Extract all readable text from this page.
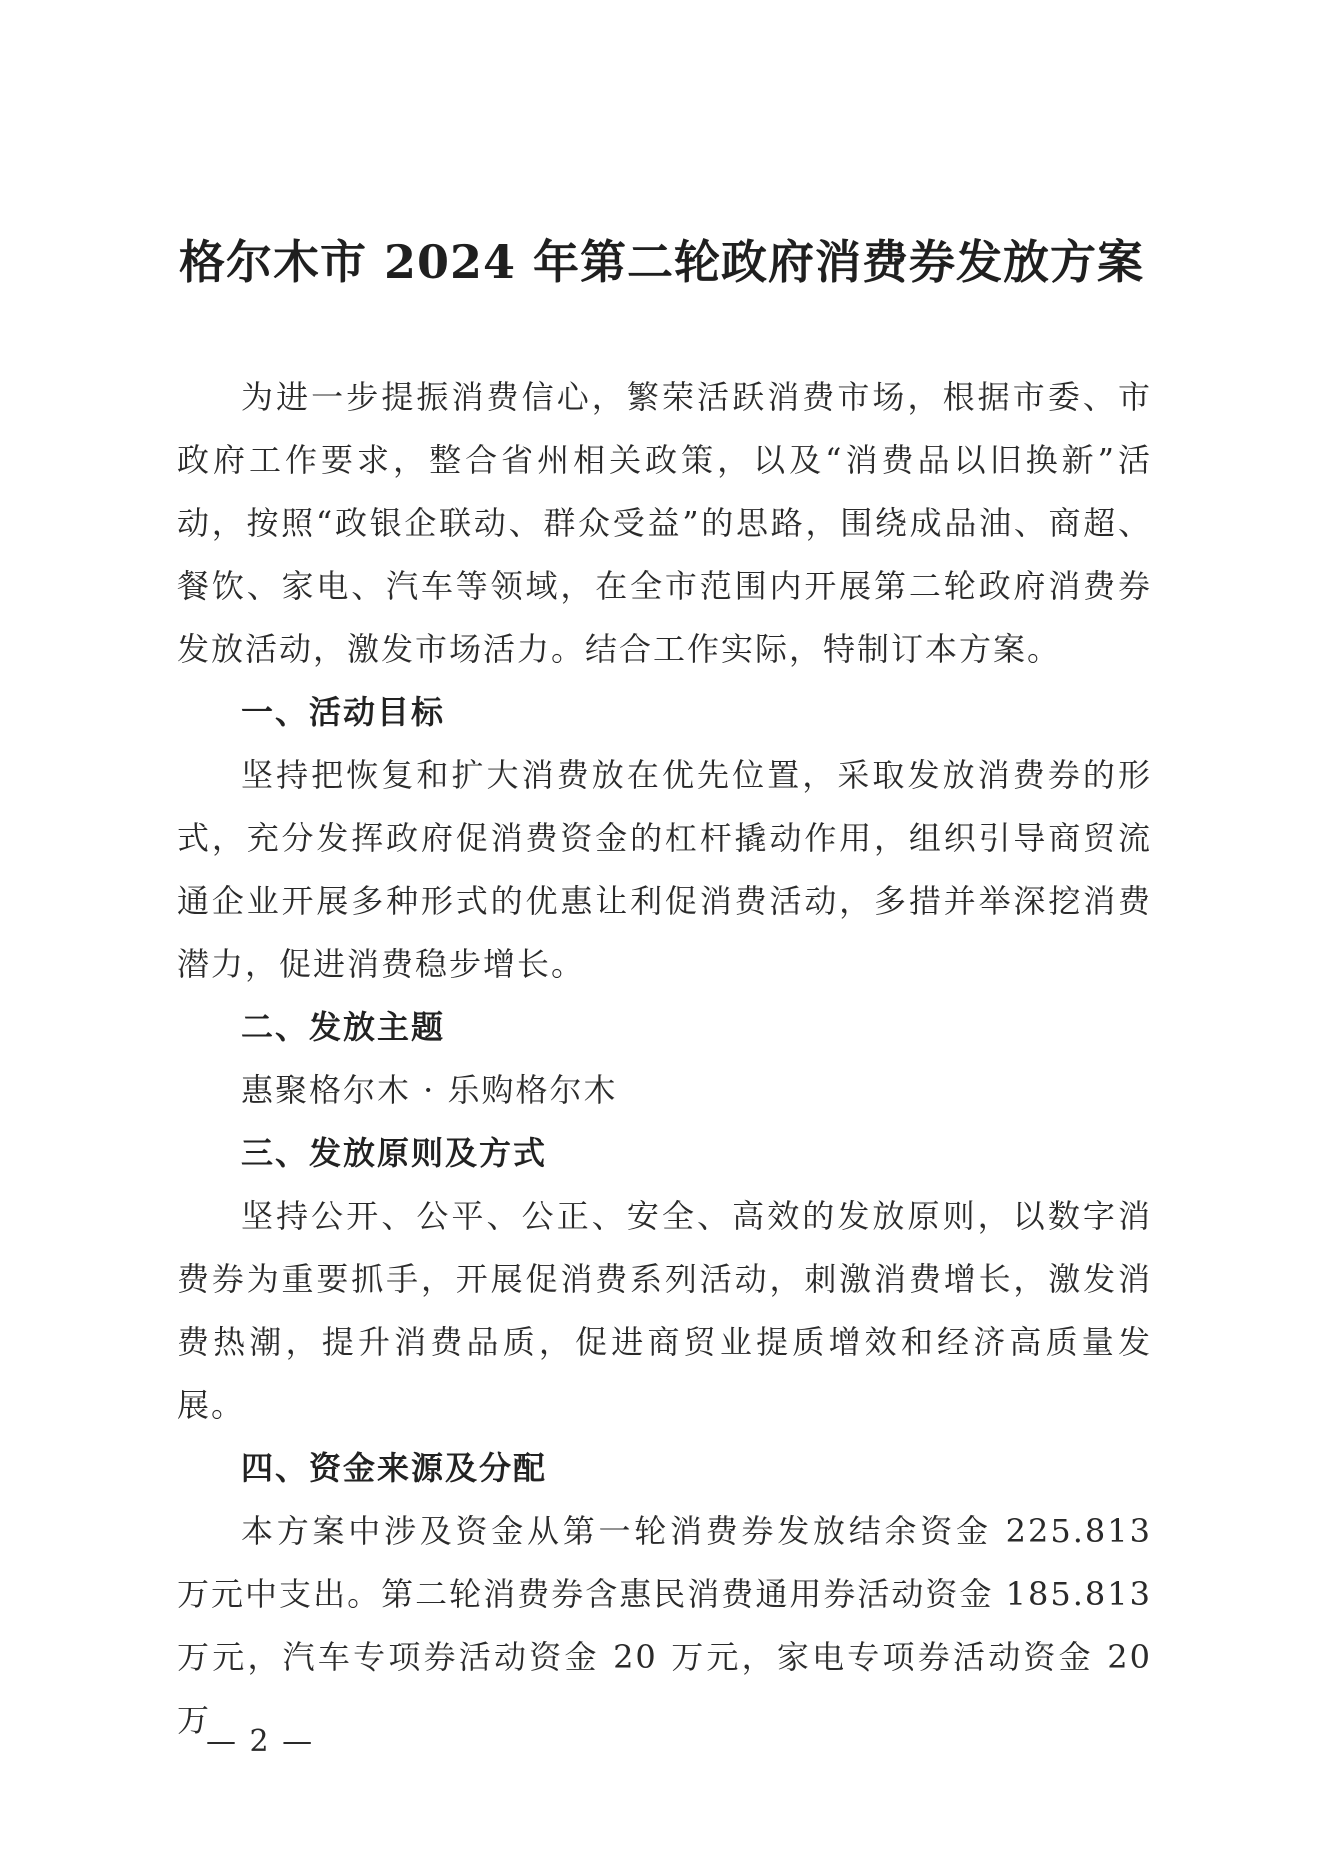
格尔木市 2024 年第二轮政府消费券发放方案

为进一步提振消费信心，繁荣活跃消费市场，根据市委、市政府工作要求，整合省州相关政策，以及“消费品以旧换新”活动，按照“政银企联动、群众受益”的思路，围绕成品油、商超、餐饮、家电、汽车等领域，在全市范围内开展第二轮政府消费券发放活动，激发市场活力。结合工作实际，特制订本方案。

一、活动目标

坚持把恢复和扩大消费放在优先位置，采取发放消费券的形式，充分发挥政府促消费资金的杠杆撬动作用，组织引导商贸流通企业开展多种形式的优惠让利促消费活动，多措并举深挖消费潜力，促进消费稳步增长。

二、发放主题

惠聚格尔木 · 乐购格尔木

三、发放原则及方式

坚持公开、公平、公正、安全、高效的发放原则，以数字消费券为重要抓手，开展促消费系列活动，刺激消费增长，激发消费热潮，提升消费品质，促进商贸业提质增效和经济高质量发展。

四、资金来源及分配

本方案中涉及资金从第一轮消费券发放结余资金 225.813 万元中支出。第二轮消费券含惠民消费通用券活动资金 185.813 万元，汽车专项券活动资金 20 万元，家电专项券活动资金 20 万

— 2 —
